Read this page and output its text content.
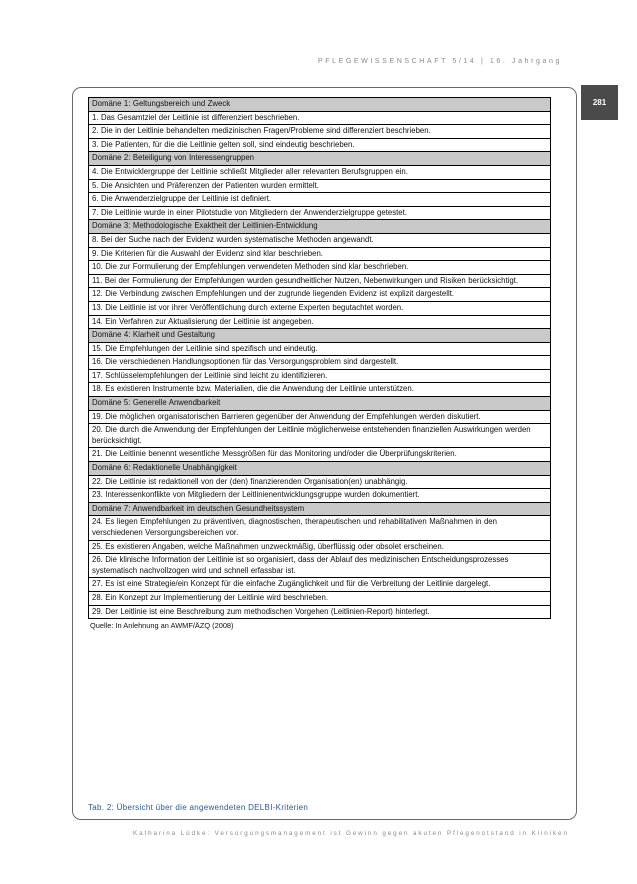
PFLEGEWISSENSCHAFT 5/14 | 16. Jahrgang
281
Domäne 1: Geltungsbereich und Zweck
1. Das Gesamtziel der Leitlinie ist differenziert beschrieben.
2. Die in der Leitlinie behandelten medizinischen Fragen/Probleme sind differenziert beschrieben.
3. Die Patienten, für die die Leitlinie gelten soll, sind eindeutig beschrieben.
Domäne 2: Beteiligung von Interessengruppen
4. Die Entwicklergruppe der Leitlinie schließt Mitglieder aller relevanten Berufsgruppen ein.
5. Die Ansichten und Präferenzen der Patienten wurden ermittelt.
6. Die Anwenderzielgruppe der Leitlinie ist definiert.
7. Die Leitlinie wurde in einer Pilotstudie von Mitgliedern der Anwenderzielgruppe getestet.
Domäne 3: Methodologische Exaktheit der Leitlinien-Entwicklung
8. Bei der Suche nach der Evidenz wurden systematische Methoden angewandt.
9. Die Kriterien für die Auswahl der Evidenz sind klar beschrieben.
10. Die zur Formulierung der Empfehlungen verwendeten Methoden sind klar beschrieben.
11. Bei der Formulierung der Empfehlungen wurden gesundheitlicher Nutzen, Nebenwirkungen und Risiken berücksichtigt.
12. Die Verbindung zwischen Empfehlungen und der zugrunde liegenden Evidenz ist explizit dargestellt.
13. Die Leitlinie ist vor ihrer Veröffentlichung durch externe Experten begutachtet worden.
14. Ein Verfahren zur Aktualisierung der Leitlinie ist angegeben.
Domäne 4: Klarheit und Gestaltung
15. Die Empfehlungen der Leitlinie sind spezifisch und eindeutig.
16. Die verschiedenen Handlungsoptionen für das Versorgungsproblem sind dargestellt.
17. Schlüsselempfehlungen der Leitlinie sind leicht zu identifizieren.
18. Es existieren Instrumente bzw. Materialien, die die Anwendung der Leitlinie unterstützen.
Domäne 5: Generelle Anwendbarkeit
19. Die möglichen organisatorischen Barrieren gegenüber der Anwendung der Empfehlungen werden diskutiert.
20. Die durch die Anwendung der Empfehlungen der Leitlinie möglicherweise entstehenden finanziellen Auswirkungen werden berücksichtigt.
21. Die Leitlinie benennt wesentliche Messgrößen für das Monitoring und/oder die Überprüfungskriterien.
Domäne 6: Redaktionelle Unabhängigkeit
22. Die Leitlinie ist redaktionell von der (den) finanzierenden Organisation(en) unabhängig.
23. Interessenkonflikte von Mitgliedern der Leitlinienentwicklungsgruppe wurden dokumentiert.
Domäne 7: Anwendbarkeit im deutschen Gesundheitssystem
24. Es liegen Empfehlungen zu präventiven, diagnostischen, therapeutischen und rehabilitativen Maßnahmen in den verschiedenen Versorgungsbereichen vor.
25. Es existieren Angaben, welche Maßnahmen unzweckmäßig, überflüssig oder obsolet erscheinen.
26. Die klinische Information der Leitlinie ist so organisiert, dass der Ablauf des medizinischen Entscheidungsprozesses systematisch nachvollzogen wird und schnell erfassbar ist.
27. Es ist eine Strategie/ein Konzept für die einfache Zugänglichkeit und für die Verbreitung der Leitlinie dargelegt.
28. Ein Konzept zur Implementierung der Leitlinie wird beschrieben.
29. Der Leitlinie ist eine Beschreibung zum methodischen Vorgehen (Leitlinien-Report) hinterlegt.
Quelle: In Anlehnung an AWMF/ÄZQ (2008)
Tab. 2: Übersicht über die angewendeten DELBI-Kriterien
Katharina Lüdke: Versorgungsmanagement ist Gewinn gegen akuten Pflegenotstand in Kliniken
